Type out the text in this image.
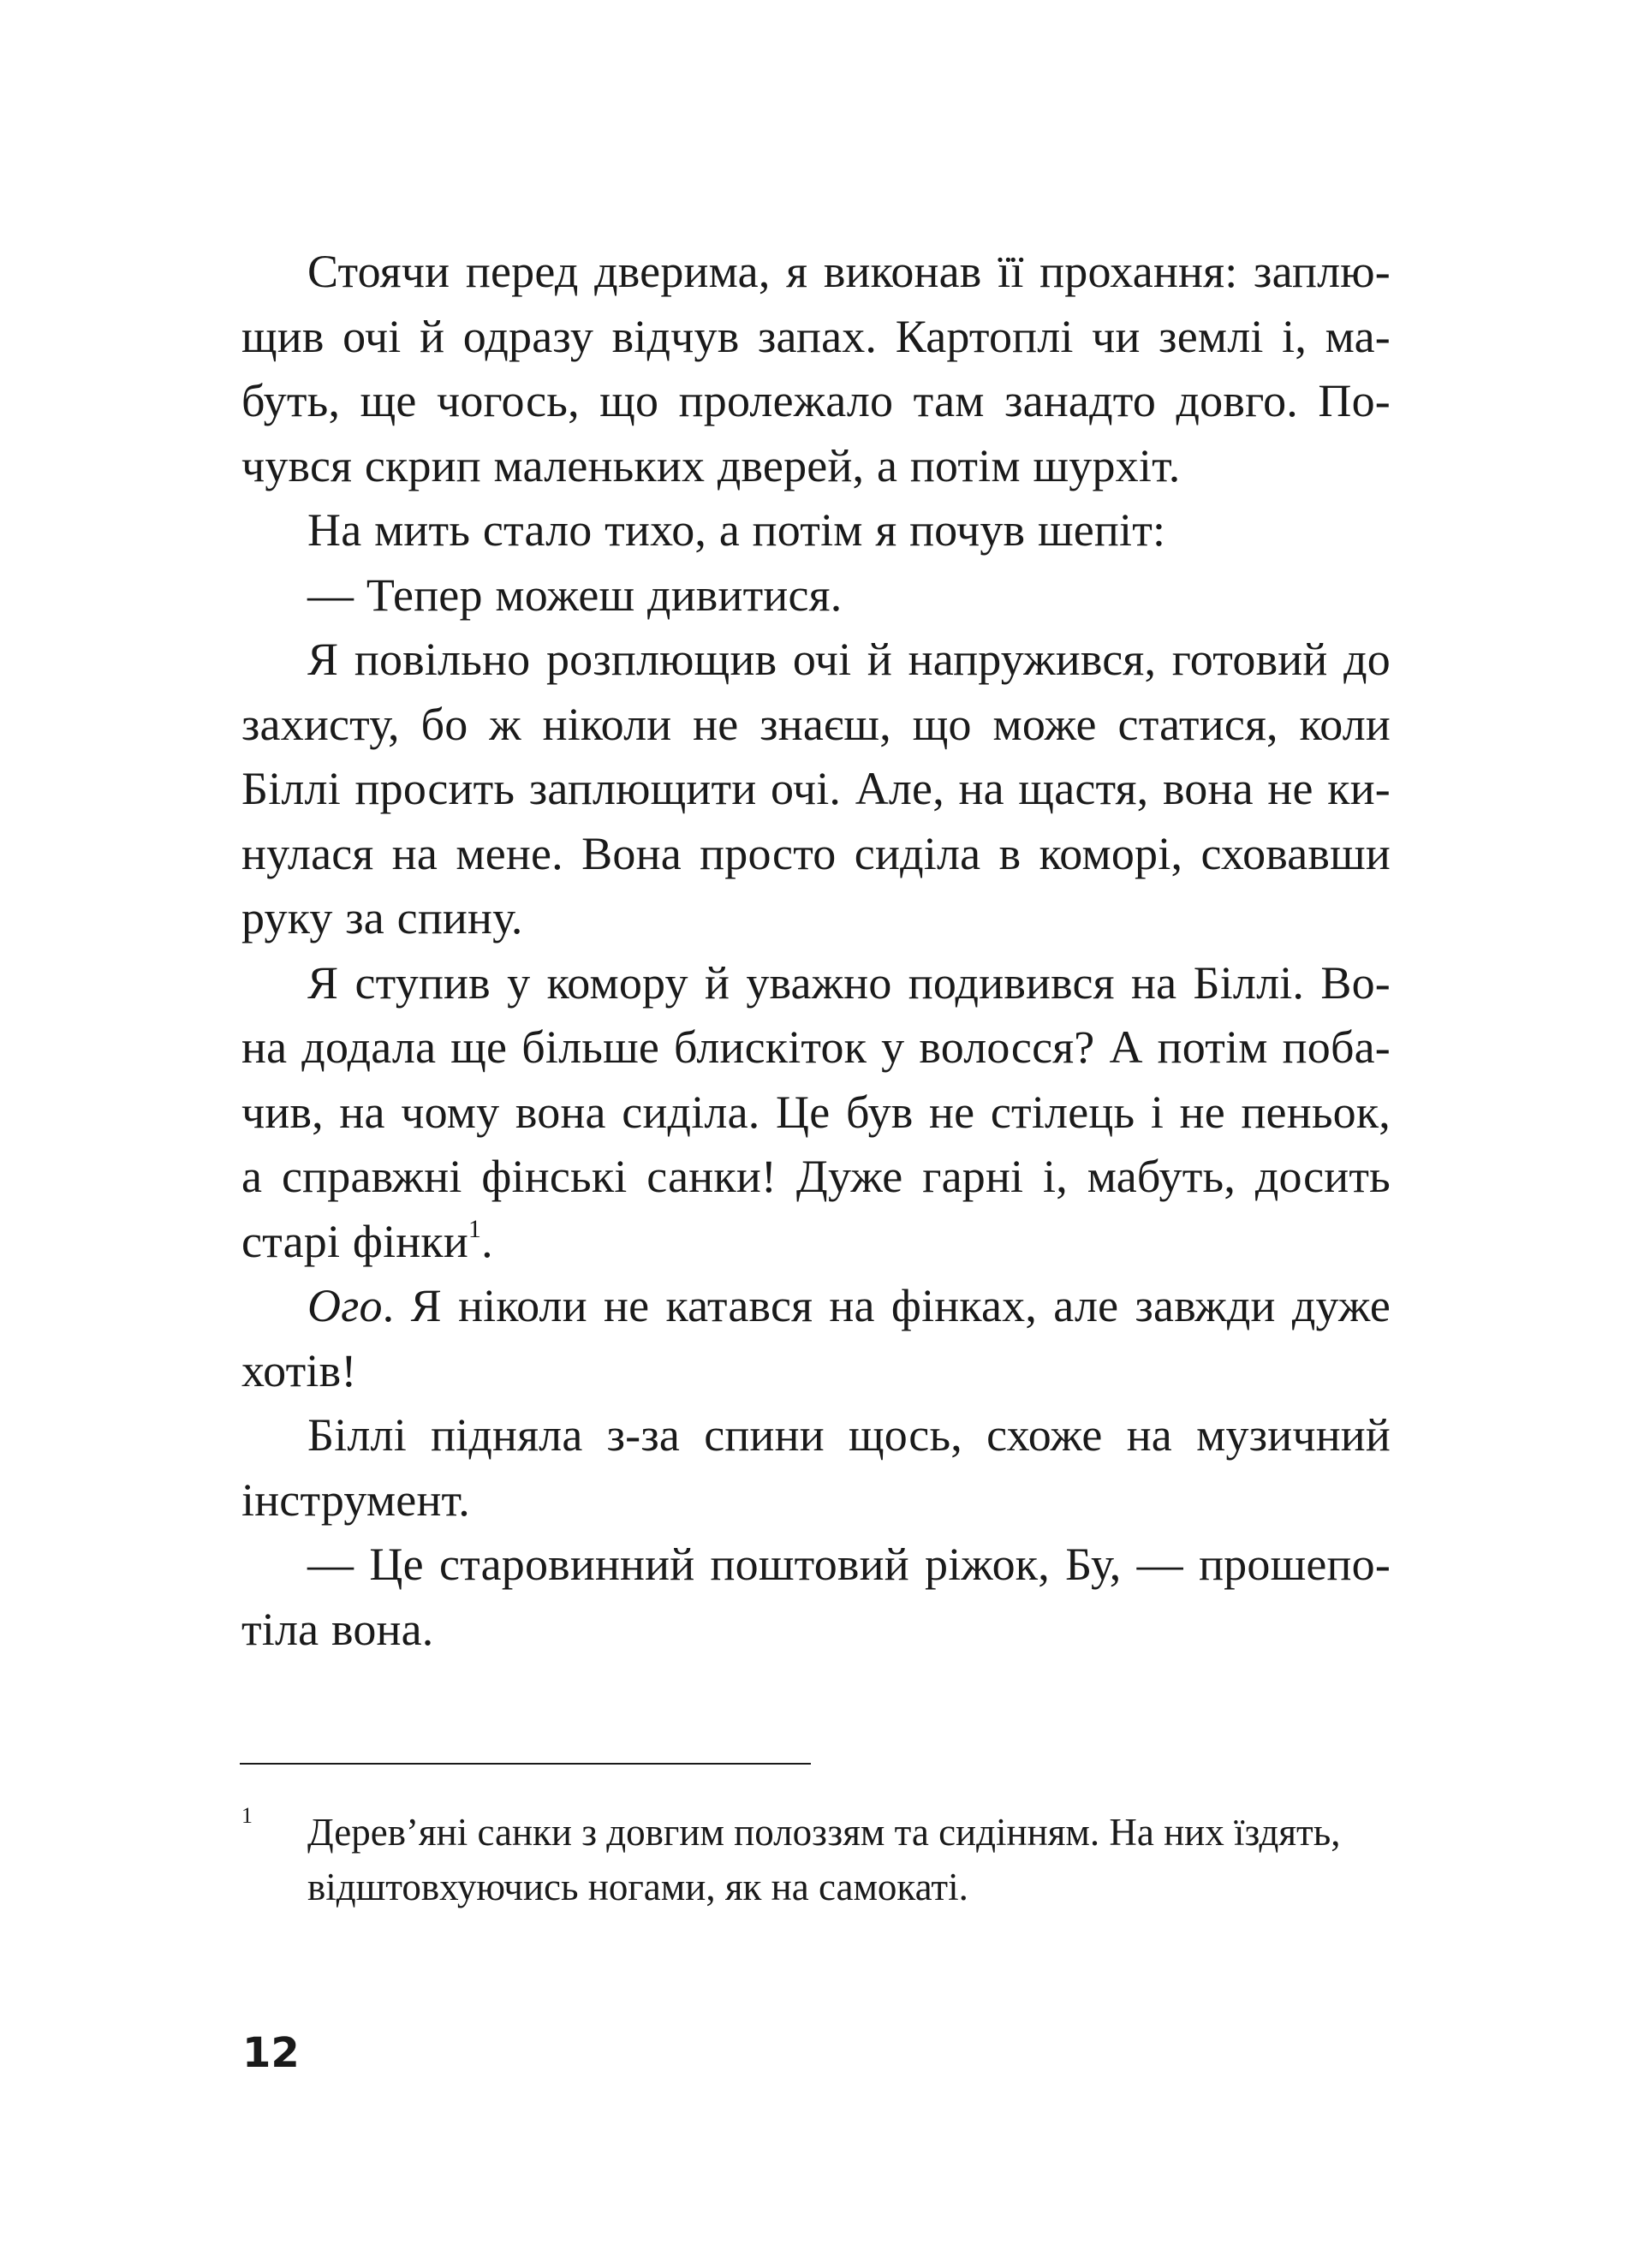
Стоячи перед дверима, я виконав її прохання: заплю-
щив очі й одразу відчув запах. Картоплі чи землі і, ма-
буть, ще чогось, що пролежало там занадто довго. По-
чувся скрип маленьких дверей, а потім шурхіт.
На мить стало тихо, а потім я почув шепіт:
— Тепер можеш дивитися.
Я повільно розплющив очі й напружився, готовий до
захисту, бо ж ніколи не знаєш, що може статися, коли
Біллі просить заплющити очі. Але, на щастя, вона не ки-
нулася на мене. Вона просто сиділа в коморі, сховавши
руку за спину.
Я ступив у комору й уважно подивився на Біллі. Во-
на додала ще більше блискіток у волосся? А потім поба-
чив, на чому вона сиділа. Це був не стілець і не пеньок,
а справжні фінські санки! Дуже гарні і, мабуть, досить
старі фінки$^1$.
Ого. Я ніколи не катався на фінках, але завжди дуже
хотів!
Біллі підняла з-за спини щось, схоже на музичний
інструмент.
— Це старовинний поштовий ріжок, Бу, — прошепо-
тіла вона.
1 Дерев’яні санки з довгим полоззям та сидінням. На них їздять,
відштовхуючись ногами, як на самокаті.
12
